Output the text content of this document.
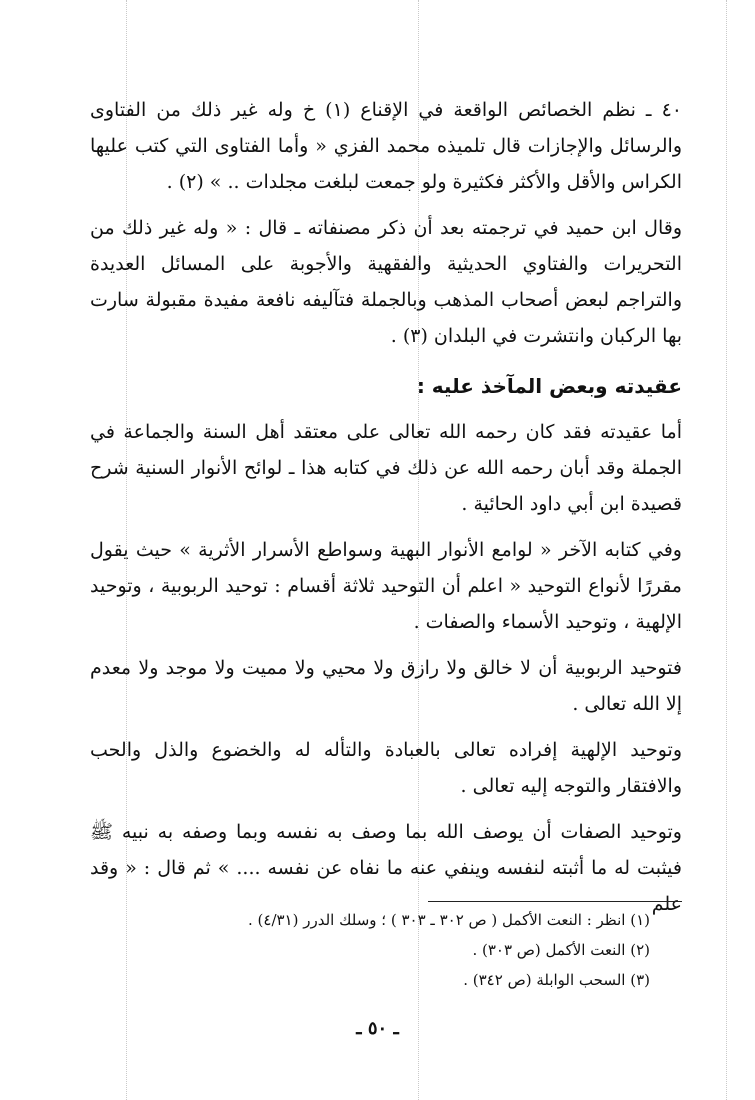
٤٠ ـ نظم الخصائص الواقعة في الإقناع (١) خ وله غير ذلك من الفتاوى والرسائل والإجازات قال تلميذه محمد الفزي « وأما الفتاوى التي كتب عليها الكراس والأقل والأكثر فكثيرة ولو جمعت لبلغت مجلدات .. » (٢) .

وقال ابن حميد في ترجمته بعد أن ذكر مصنفاته ـ قال : « وله غير ذلك من التحريرات والفتاوي الحديثية والفقهية والأجوبة على المسائل العديدة والتراجم لبعض أصحاب المذهب وبالجملة فتآليفه نافعة مفيدة مقبولة سارت بها الركبان وانتشرت في البلدان (٣) .

عقيدته وبعض المآخذ عليه :

أما عقيدته فقد كان رحمه الله تعالى على معتقد أهل السنة والجماعة في الجملة وقد أبان رحمه الله عن ذلك في كتابه هذا ـ لوائح الأنوار السنية شرح قصيدة ابن أبي داود الحائية .

وفي كتابه الآخر « لوامع الأنوار البهية وسواطع الأسرار الأثرية » حيث يقول مقررًا لأنواع التوحيد « اعلم أن التوحيد ثلاثة أقسام : توحيد الربوبية ، وتوحيد الإلهية ، وتوحيد الأسماء والصفات .

فتوحيد الربوبية أن لا خالق ولا رازق ولا محيي ولا مميت ولا موجد ولا معدم إلا الله تعالى .

وتوحيد الإلهية إفراده تعالى بالعبادة والتأله له والخضوع والذل والحب والافتقار والتوجه إليه تعالى .

وتوحيد الصفات أن يوصف الله بما وصف به نفسه وبما وصفه به نبيه ﷺ فيثبت له ما أثبته لنفسه وينفي عنه ما نفاه عن نفسه .... » ثم قال : « وقد علم

(١) انظر : النعت الأكمل ( ص ٣٠٢ ـ ٣٠٣ ) ؛ وسلك الدرر (٤/٣١) .

(٢) النعت الأكمل (ص ٣٠٣) .

(٣) السحب الوابلة (ص ٣٤٢) .

ـ ٥٠ ـ
